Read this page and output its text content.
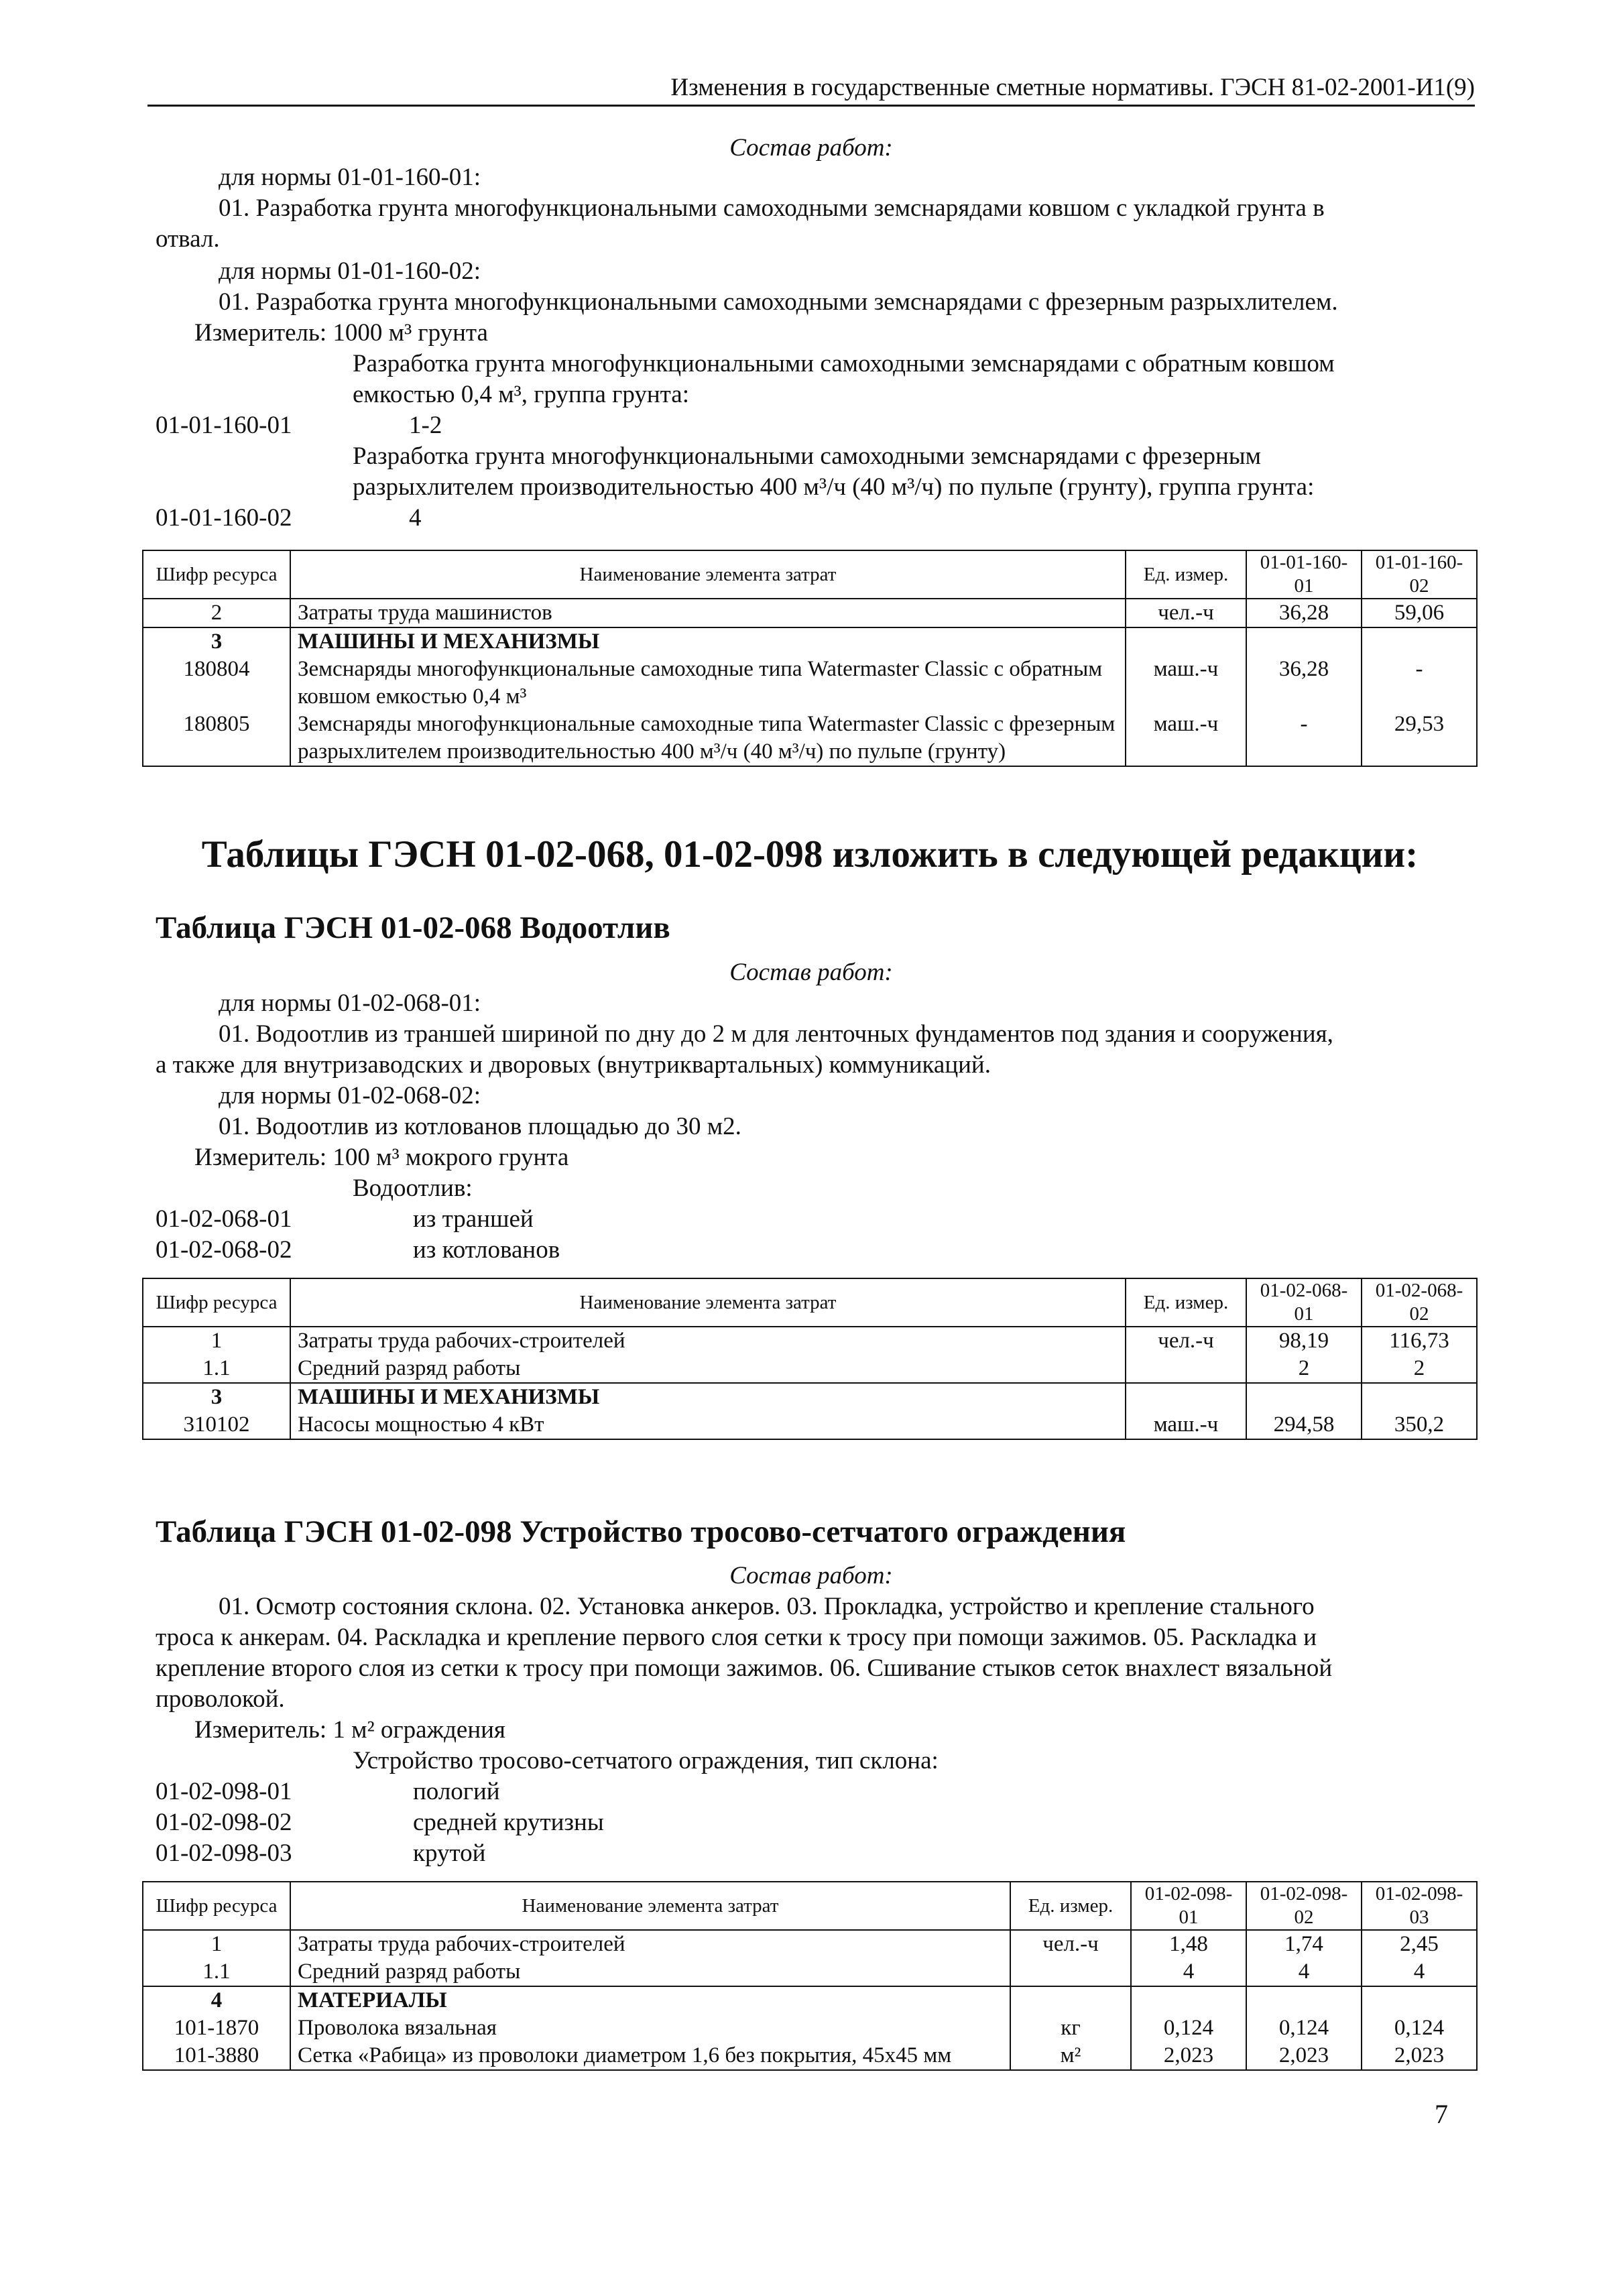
Изменения в государственные сметные нормативы. ГЭСН 81-02-2001-И1(9)
Состав работ:
для нормы 01-01-160-01:
01. Разработка грунта многофункциональными самоходными земснарядами ковшом с укладкой грунта в
отвал.
для нормы 01-01-160-02:
01. Разработка грунта многофункциональными самоходными земснарядами с фрезерным разрыхлителем.
Измеритель: 1000 м³ грунта
Разработка грунта многофункциональными самоходными земснарядами с обратным ковшом
емкостью 0,4 м³, группа грунта:
01-01-160-01	1-2
Разработка грунта многофункциональными самоходными земснарядами с фрезерным
разрыхлителем производительностью 400 м³/ч (40 м³/ч) по пульпе (грунту), группа грунта:
01-01-160-02	4
Шифр ресурса	Наименование элемента затрат	Ед. измер.	01-01-160-01	01-01-160-02
2	Затраты труда машинистов	чел.-ч	36,28	59,06
3	МАШИНЫ И МЕХАНИЗМЫ			
180804	Земснаряды многофункциональные самоходные типа Watermaster Classic с обратным ковшом емкостью 0,4 м³	маш.-ч	36,28	-
180805	Земснаряды многофункциональные самоходные типа Watermaster Classic с фрезерным разрыхлителем производительностью 400 м³/ч (40 м³/ч) по пульпе (грунту)	маш.-ч	-	29,53
Таблицы ГЭСН 01-02-068, 01-02-098 изложить в следующей редакции:
Таблица ГЭСН 01-02-068 Водоотлив
Состав работ:
для нормы 01-02-068-01:
01. Водоотлив из траншей шириной по дну до 2 м для ленточных фундаментов под здания и сооружения,
а также для внутризаводских и дворовых (внутриквартальных) коммуникаций.
для нормы 01-02-068-02:
01. Водоотлив из котлованов площадью до 30 м2.
Измеритель: 100 м³ мокрого грунта
Водоотлив:
01-02-068-01	из траншей
01-02-068-02	из котлованов
Шифр ресурса	Наименование элемента затрат	Ед. измер.	01-02-068-01	01-02-068-02
1	Затраты труда рабочих-строителей	чел.-ч	98,19	116,73
1.1	Средний разряд работы		2	2
3	МАШИНЫ И МЕХАНИЗМЫ			
310102	Насосы мощностью 4 кВт	маш.-ч	294,58	350,2
Таблица ГЭСН 01-02-098 Устройство тросово-сетчатого ограждения
Состав работ:
01. Осмотр состояния склона. 02. Установка анкеров. 03. Прокладка, устройство и крепление стального
троса к анкерам. 04. Раскладка и крепление первого слоя сетки к тросу при помощи зажимов. 05. Раскладка и
крепление второго слоя из сетки к тросу при помощи зажимов. 06. Сшивание стыков сеток внахлест вязальной
проволокой.
Измеритель: 1 м² ограждения
Устройство тросово-сетчатого ограждения, тип склона:
01-02-098-01	пологий
01-02-098-02	средней крутизны
01-02-098-03	крутой
Шифр ресурса	Наименование элемента затрат	Ед. измер.	01-02-098-01	01-02-098-02	01-02-098-03
1	Затраты труда рабочих-строителей	чел.-ч	1,48	1,74	2,45
1.1	Средний разряд работы		4	4	4
4	МАТЕРИАЛЫ				
101-1870	Проволока вязальная	кг	0,124	0,124	0,124
101-3880	Сетка «Рабица» из проволоки диаметром 1,6 без покрытия, 45х45 мм	м²	2,023	2,023	2,023
7
